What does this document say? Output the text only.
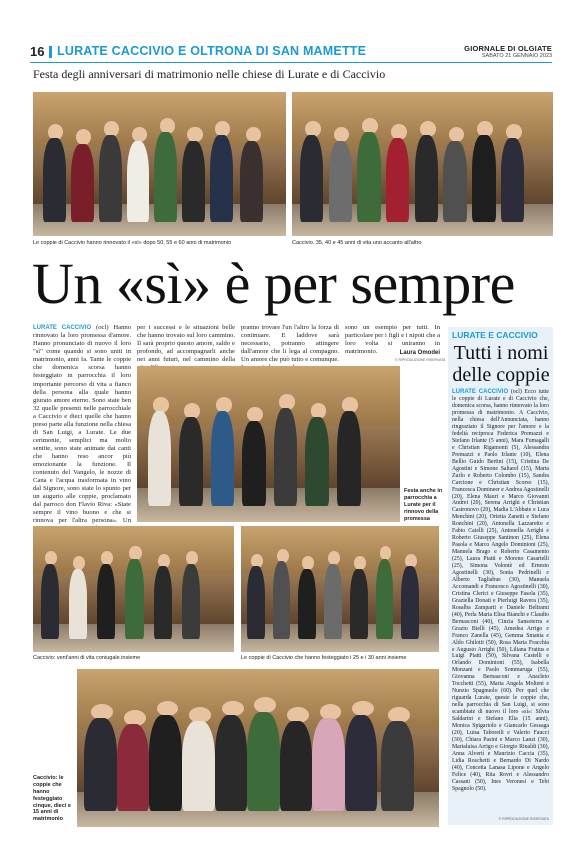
16 LURATE CACCIVIO E OLTRONA DI SAN MAMETTE	GIORNALE DI OLGIATE
SABATO 21 GENNAIO 2023
Festa degli anniversari di matrimonio nelle chiese di Lurate e di Caccivio
Le coppie di Caccivio hanno rinnovato il «sì» dopo 50, 55 e 60 anni di matrimonio	Caccivio. 35, 40 e 45 anni di vita uno accanto all'altro
Un «sì» è per sempre
LURATE CACCIVIO (ocl) Hanno rinnovato la loro promessa d'amore. Hanno pronunciato di nuovo il loro "sì" come quando si sono uniti in matrimonio, anni fa. Tante le coppie che domenica scorsa hanno festeggiato in parrocchia il loro importante percorso di vita a fianco della persona alla quale hanno giurato amore eterno. Sono state ben 32 quelle presenti nelle parrocchiale a Caccivio e dieci quelle che hanno preso parte alla funzione nella chiesa di San Luigi, a Lurate. Le due cerimonie, semplici ma molto sentite, sono state animate dai canti che hanno reso ancor più emozionante la funzione. Il contenuto del Vangelo, le nozze di Cana e l'acqua trasformata in vino dal Signore, sono state lo spunto per un augurio alle coppie, proclamato dal parroco don Flavio Riva: «State sempre il vino buono e che si rinnova per l'altra persona». Un
per i successi e le situazioni belle che hanno trovato sul loro cammino. Il sarà proprio questo amore, saldo e profondo, ad accompagnarli anche nei anni futuri, nel cammino della
pranno trovare l'un l'altro la forza di continuare. E laddove sarà necessario, potranno attingere dall'amore che li lega al compagno. Un amore che può tutto e comunque.
sono un esempio per tutti. In particolare per i figli e i nipoti che a loro volta si uniranno in matrimonio.	Laura Omodei
© RIPRODUZIONE RISERVATA
Festa anche in parrocchia a Lurate per il rinnovo della promessa
Caccivio: vent'anni di vita coniugale insieme	Le coppie di Caccivio che hanno festeggiato i 25 e i 30 anni insieme
Caccivio: le coppie che hanno festeggiato cinque, dieci e 15 anni di matrimonio
LURATE E CACCIVIO
Tutti i nomi delle coppie
LURATE CACCIVIO (ocl) Ecco tutte le coppie di Lurate e di Caccivio che, domenica scorsa, hanno rinnovato la loro promessa di matrimonio. A Caccivio, nella chiesa dell'Annunciata, hanno ringraziato il Signore per l'amore e la fedeltà reciproca Federica Premazzi e Stefano Irlante (5 anni), Mara Fumagalli e Christian Rigamonti (5), Alessandra Premazzi e Paolo Irlante (10), Elena Bellio Guido Bertini (15), Cristina De Agostini e Simone Saltarel (15), Marta Zurlo e Roberto Colombo (15), Sandra Carcione e Christian Scorso (15), Francesca Domineer e Andrea Agostinelli (20), Elena Mauri e Marco Giovanni Andrei (20), Serena Arrighi e Christian Castronovo (20), Madia L'Abbate e Luca Menchini (20), Orietta Zanetti e Stefano Ronchini (20), Antonella Lazzaretto e Fabio Caielli (25), Antonella Arrighi e Roberto Giuseppe Santinon (25), Elena Pasola e Marco Angelo Dominioni (25), Manuela Brago e Roberto Casamento (25), Laura Piatti e Moreno Casartelli (25), Simona Volontè ed Ernesto Agostinelli (30), Sonia Pedrinelli e Alberto Tagliabue (30), Manuela Accomandi e Francesco Agostinelli (30), Cristina Clerici e Giuseppe Fasola (35), Graziella Donati e Pierluigi Ravera (35), Rosalba Zamparti e Daniele Beltrami (40), Perla Maria Elisa Bianchi e Claudio Bernasconi (40), Cinzia Sansoterra e Grazio Bielli (45), Amedea Arrigo e Franco Zanella (45), Gemma Smania e Aldo Ghilotti (50), Rosa Maria Fracchia e Augusto Arrighi (50), Liliana Frattus e Luigi Piatti (50), Silvana Castelli e Orlando Dominioni (55), Isabella Monzani e Paolo Sommaruga (55), Giovanna Bernasconi e Anacleto Tocchetti (55), Maria Angela Molteni e Nunzio Spagnuolo (60). Per quel che riguarda Lurate, queste le coppie che, nella parrocchia di San Luigi, si sono scambiate di nuovo il loro «sì»: Silvia Saldarini e Stefano Elia (15 anni), Monica Spigariolo e Giancarlo Gessaga (20), Luisa Taboreili e Valerio Faucci (30), Chiara Pasini e Marco Lanzi (30), Marialuisa Arrigo e Giorgio Rinaldi (30), Anna Alvertì e Maurizio Caccia (35), Lidia Roschetti e Bernardo Di Nardo (40), Concetta Lanasa Lipone e Angelo Felice (40), Rita Rovri e Alessandro Cassani (50), Ines Veronesi e Tebi Spagnolo (50).
© RIPRODUZIONE RISERVATA
